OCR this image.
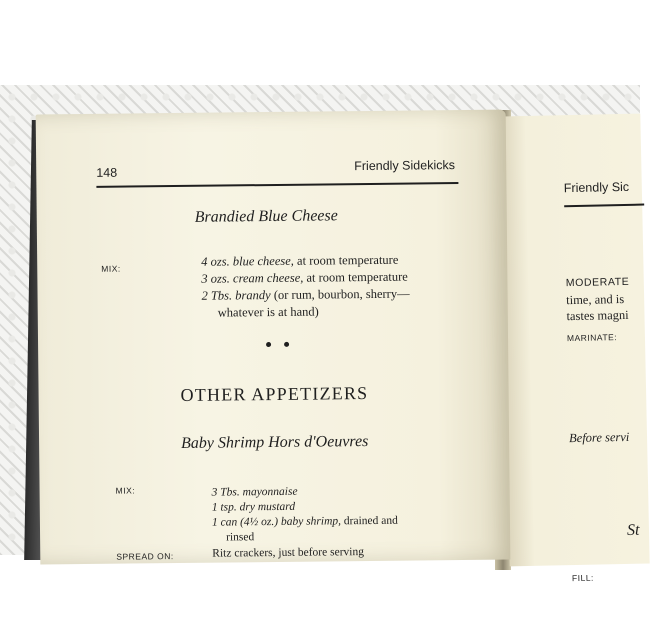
Friendly Sic
MODERATE
time, and is
tastes magni
MARINATE:
Before servi
St
FILL:
148	Friendly Sidekicks
Brandied Blue Cheese
MIX:	4 ozs. blue cheese, at room temperature
3 ozs. cream cheese, at room temperature
2 Tbs. brandy (or rum, bourbon, sherry—
whatever is at hand)
OTHER APPETIZERS
Baby Shrimp Hors d'Oeuvres
MIX:	3 Tbs. mayonnaise
1 tsp. dry mustard
1 can (4½ oz.) baby shrimp, drained and
rinsed
SPREAD ON:	Ritz crackers, just before serving
